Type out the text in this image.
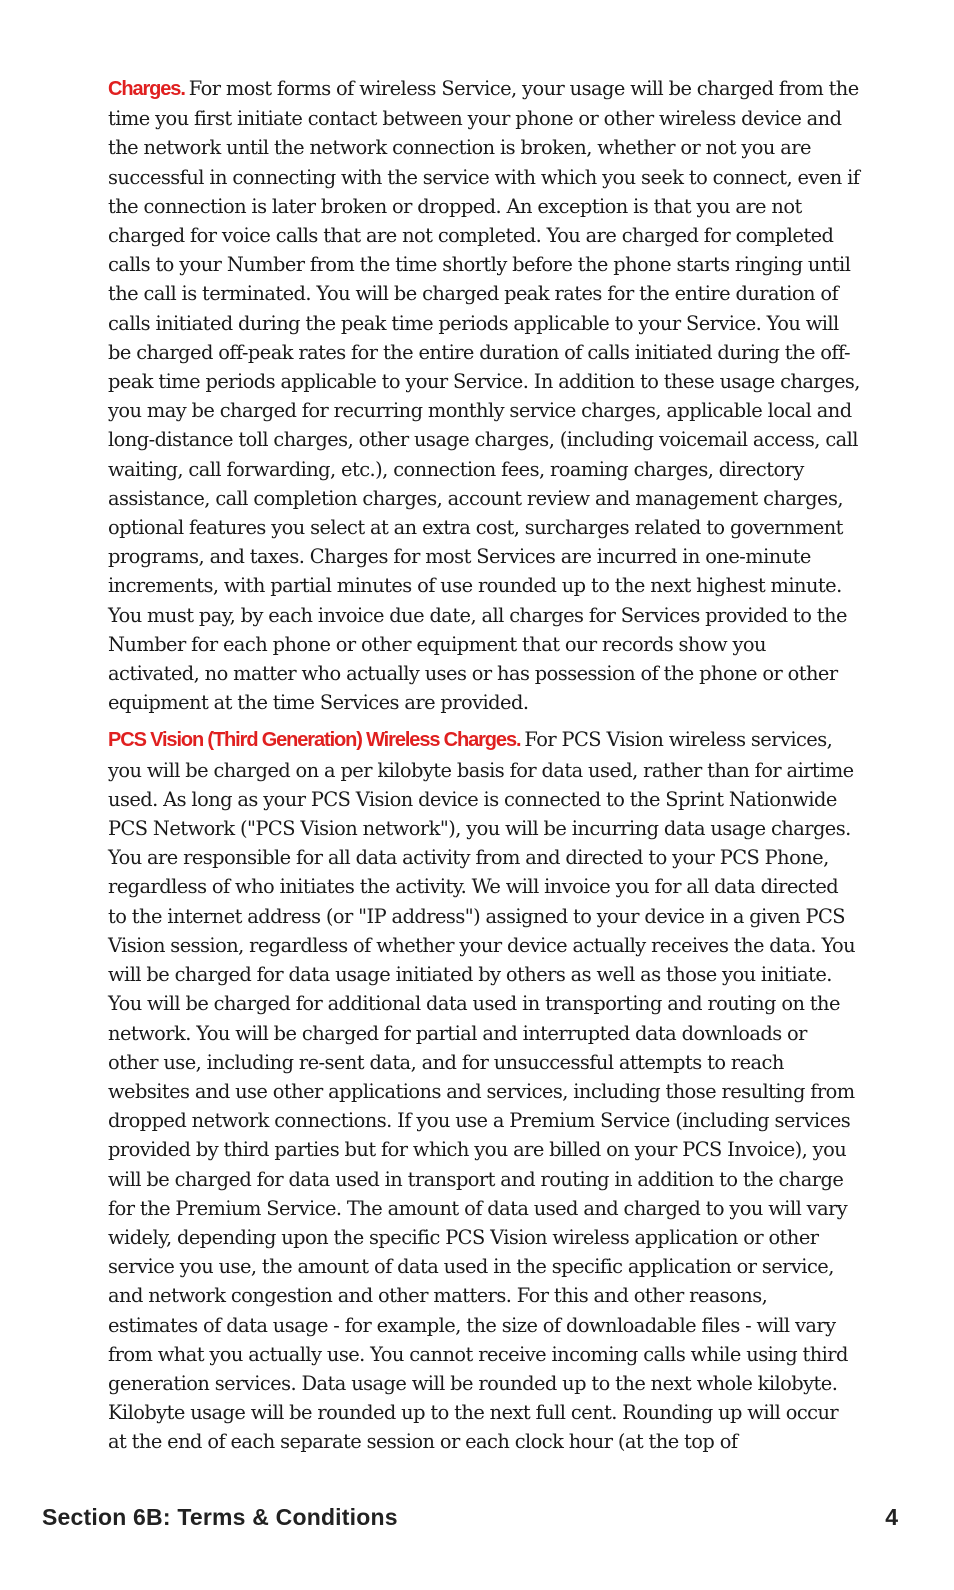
Charges. For most forms of wireless Service, your usage will be charged from the time you first initiate contact between your phone or other wireless device and the network until the network connection is broken, whether or not you are successful in connecting with the service with which you seek to connect, even if the connection is later broken or dropped. An exception is that you are not charged for voice calls that are not completed. You are charged for completed calls to your Number from the time shortly before the phone starts ringing until the call is terminated. You will be charged peak rates for the entire duration of calls initiated during the peak time periods applicable to your Service. You will be charged off-peak rates for the entire duration of calls initiated during the off-peak time periods applicable to your Service. In addition to these usage charges, you may be charged for recurring monthly service charges, applicable local and long-distance toll charges, other usage charges, (including voicemail access, call waiting, call forwarding, etc.), connection fees, roaming charges, directory assistance, call completion charges, account review and management charges, optional features you select at an extra cost, surcharges related to government programs, and taxes. Charges for most Services are incurred in one-minute increments, with partial minutes of use rounded up to the next highest minute. You must pay, by each invoice due date, all charges for Services provided to the Number for each phone or other equipment that our records show you activated, no matter who actually uses or has possession of the phone or other equipment at the time Services are provided.

PCS Vision (Third Generation) Wireless Charges. For PCS Vision wireless services, you will be charged on a per kilobyte basis for data used, rather than for airtime used. As long as your PCS Vision device is connected to the Sprint Nationwide PCS Network ("PCS Vision network"), you will be incurring data usage charges. You are responsible for all data activity from and directed to your PCS Phone, regardless of who initiates the activity. We will invoice you for all data directed to the internet address (or "IP address") assigned to your device in a given PCS Vision session, regardless of whether your device actually receives the data. You will be charged for data usage initiated by others as well as those you initiate. You will be charged for additional data used in transporting and routing on the network. You will be charged for partial and interrupted data downloads or other use, including re-sent data, and for unsuccessful attempts to reach websites and use other applications and services, including those resulting from dropped network connections. If you use a Premium Service (including services provided by third parties but for which you are billed on your PCS Invoice), you will be charged for data used in transport and routing in addition to the charge for the Premium Service. The amount of data used and charged to you will vary widely, depending upon the specific PCS Vision wireless application or other service you use, the amount of data used in the specific application or service, and network congestion and other matters. For this and other reasons, estimates of data usage - for example, the size of downloadable files - will vary from what you actually use. You cannot receive incoming calls while using third generation services. Data usage will be rounded up to the next whole kilobyte. Kilobyte usage will be rounded up to the next full cent. Rounding up will occur at the end of each separate session or each clock hour (at the top of

Section 6B: Terms & Conditions	4
